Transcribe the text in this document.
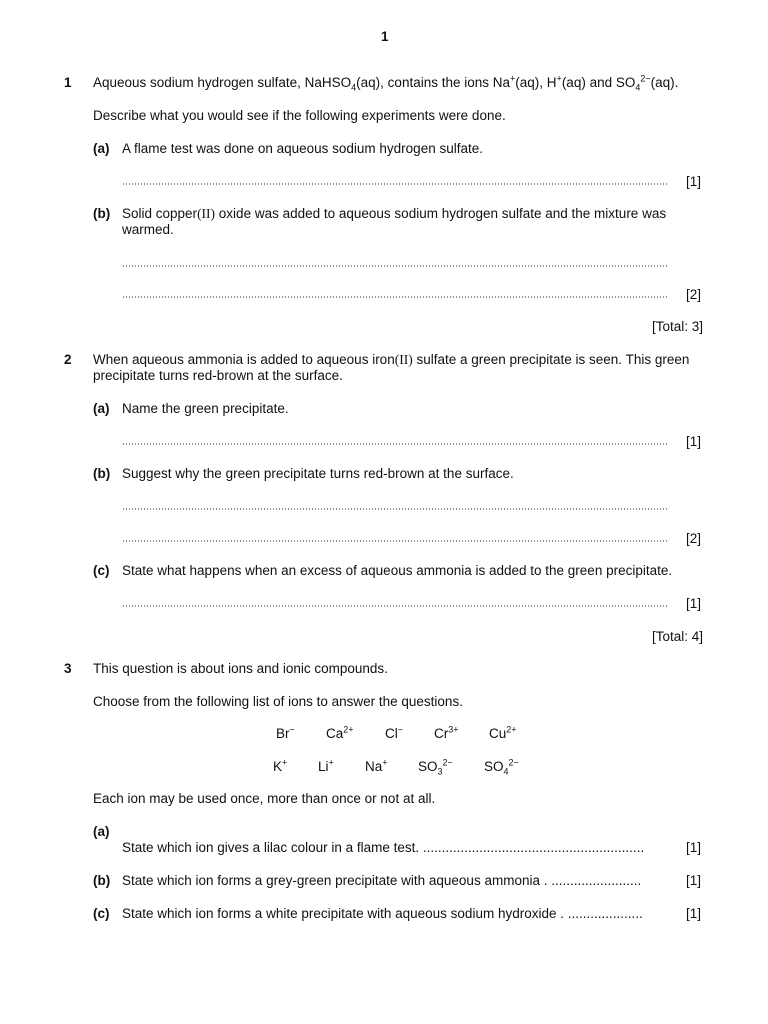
1
1 Aqueous sodium hydrogen sulfate, NaHSO$_4$(aq), contains the ions Na+(aq), H+(aq) and $SO_4^{2-}(aq)$.
Describe what you would see if the following experiments were done.
(a) A flame test was done on aqueous sodium hydrogen sulfate.
[1]
(b) Solid copper(II) oxide was added to aqueous sodium hydrogen sulfate and the mixture was
warmed.
[2]
[Total: 3]
2 When aqueous ammonia is added to aqueous iron(II) sulfate a green precipitate is seen. This green
precipitate turns red-brown at the surface.
(a) Name the green precipitate.
[1]
(b) Suggest why the green precipitate turns red-brown at the surface.
[2]
(c) State what happens when an excess of aqueous ammonia is added to the green precipitate.
[1]
[Total: 4]
3 This question is about ions and ionic compounds.
Choose from the following list of ions to answer the questions.
Br− $Ca^{2+}$ Cl− $Cr^{3+}$ $Cu^{2+}$
K+ Li+ Na+ $SO_3^{2-}$ $SO_4^{2-}$
Each ion may be used once, more than once or not at all.
(a)
State which ion gives a lilac colour in a flame test. ...........................................................	[1]
(b) State which ion forms a grey-green precipitate with aqueous ammonia . ........................	[1]
(c) State which ion forms a white precipitate with aqueous sodium hydroxide . ....................	[1]
